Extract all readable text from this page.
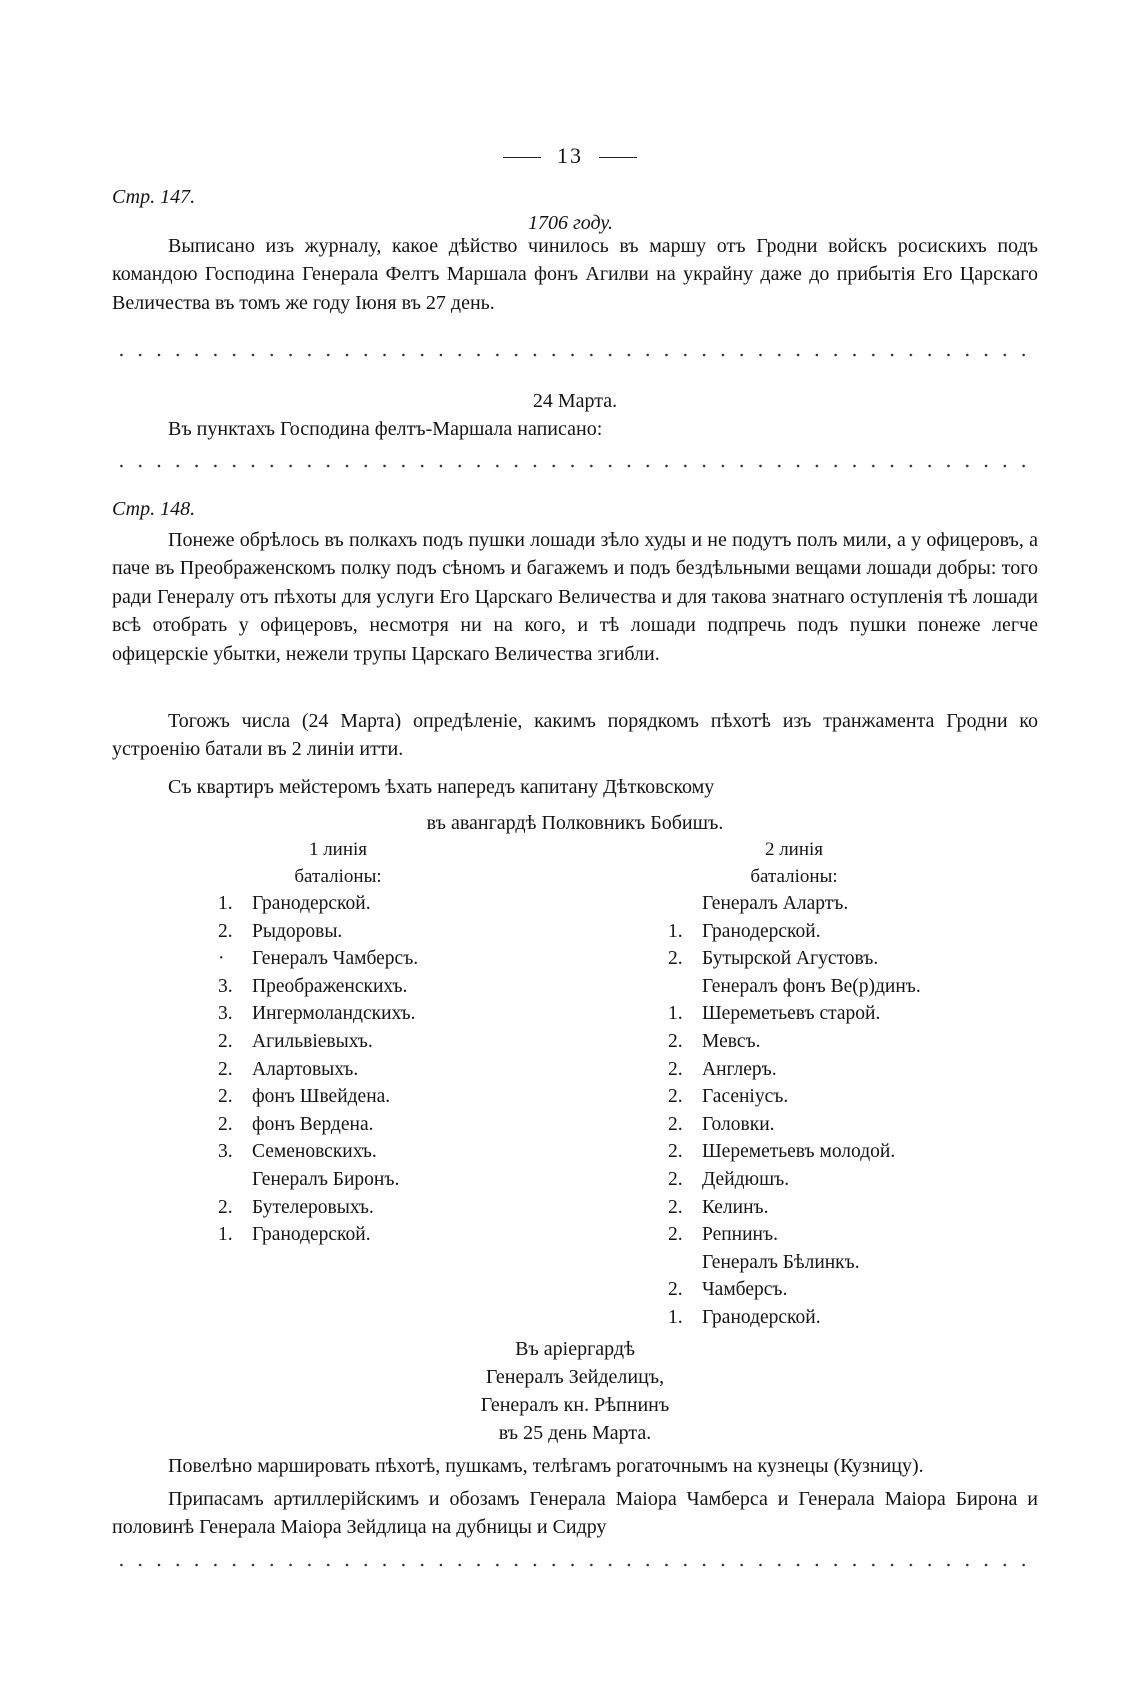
13
Стр. 147.
1706 году.

Выписано изъ журналу, какое дѣйство чинилось въ маршу отъ Гродни войскъ росискихъ подъ командою Господина Генерала Фелтъ Маршала фонъ Агилви на украйну даже до прибытія Его Царскаго Величества въ томъ же году Іюня въ 27 день.

24 Марта.
Въ пунктахъ Господина фелтъ-Маршала написано:
Стр. 148.

Понеже обрѣлось въ полкахъ подъ пушки лошади зѣло худы и не подутъ полъ мили, а у офицеровъ, а паче въ Преображенскомъ полку подъ сѣномъ и багажемъ и подъ бездѣльными вещами лошади добры: того ради Генералу отъ пѣхоты для услуги Его Царскаго Величества и для такова знатнаго оступленія тѣ лошади всѣ отобрать у офицеровъ, несмотря ни на кого, и тѣ лошади подпречь подъ пушки понеже легче офицерскіе убытки, нежели трупы Царскаго Величества згибли.

Тогожъ числа (24 Марта) опредѣленіе, какимъ порядкомъ пѣхотѣ изъ транжамента Гродни ко устроенію батали въ 2 линіи итти.

Съ квартиръ мейстеромъ ѣхать напередъ капитану Дѣтковскому

въ авангардѣ Полковникъ Бобишъ.
1 линія
баталіоны:
1. Гранодерской.
2. Рыдоровы.
· Генералъ Чамберсъ.
3. Преображенскихъ.
3. Ингермоландскихъ.
2. Агильвіевыхъ.
2. Алартовыхъ.
2. фонъ Швейдена.
2. фонъ Вердена.
3. Семеновскихъ.
Генералъ Биронъ.
2. Бутелеровыхъ.
1. Гранодерской.
2 линія
баталіоны:
Генералъ Алартъ.
1. Гранодерской.
2. Бутырской Агустовъ.
Генералъ фонъ Ве(р)динъ.
1. Шереметьевъ старой.
2. Мевсъ.
2. Англеръ.
2. Гасеніусъ.
2. Головки.
2. Шереметьевъ молодой.
2. Дейдюшъ.
2. Келинъ.
2. Репнинъ.
Генералъ Бѣлинкъ.
2. Чамберсъ.
1. Гранодерской.
Въ аріергардѣ
Генералъ Зейделицъ,
Генералъ кн. Рѣпнинъ
въ 25 день Марта.

Повелѣно маршировать пѣхотѣ, пушкамъ, телѣгамъ рогаточнымъ на кузнецы (Кузницу).

Припасамъ артиллерійскимъ и обозамъ Генерала Маіора Чамберса и Генерала Маіора Бирона и половинѣ Генерала Маіора Зейдлица на дубницы и Сидру
